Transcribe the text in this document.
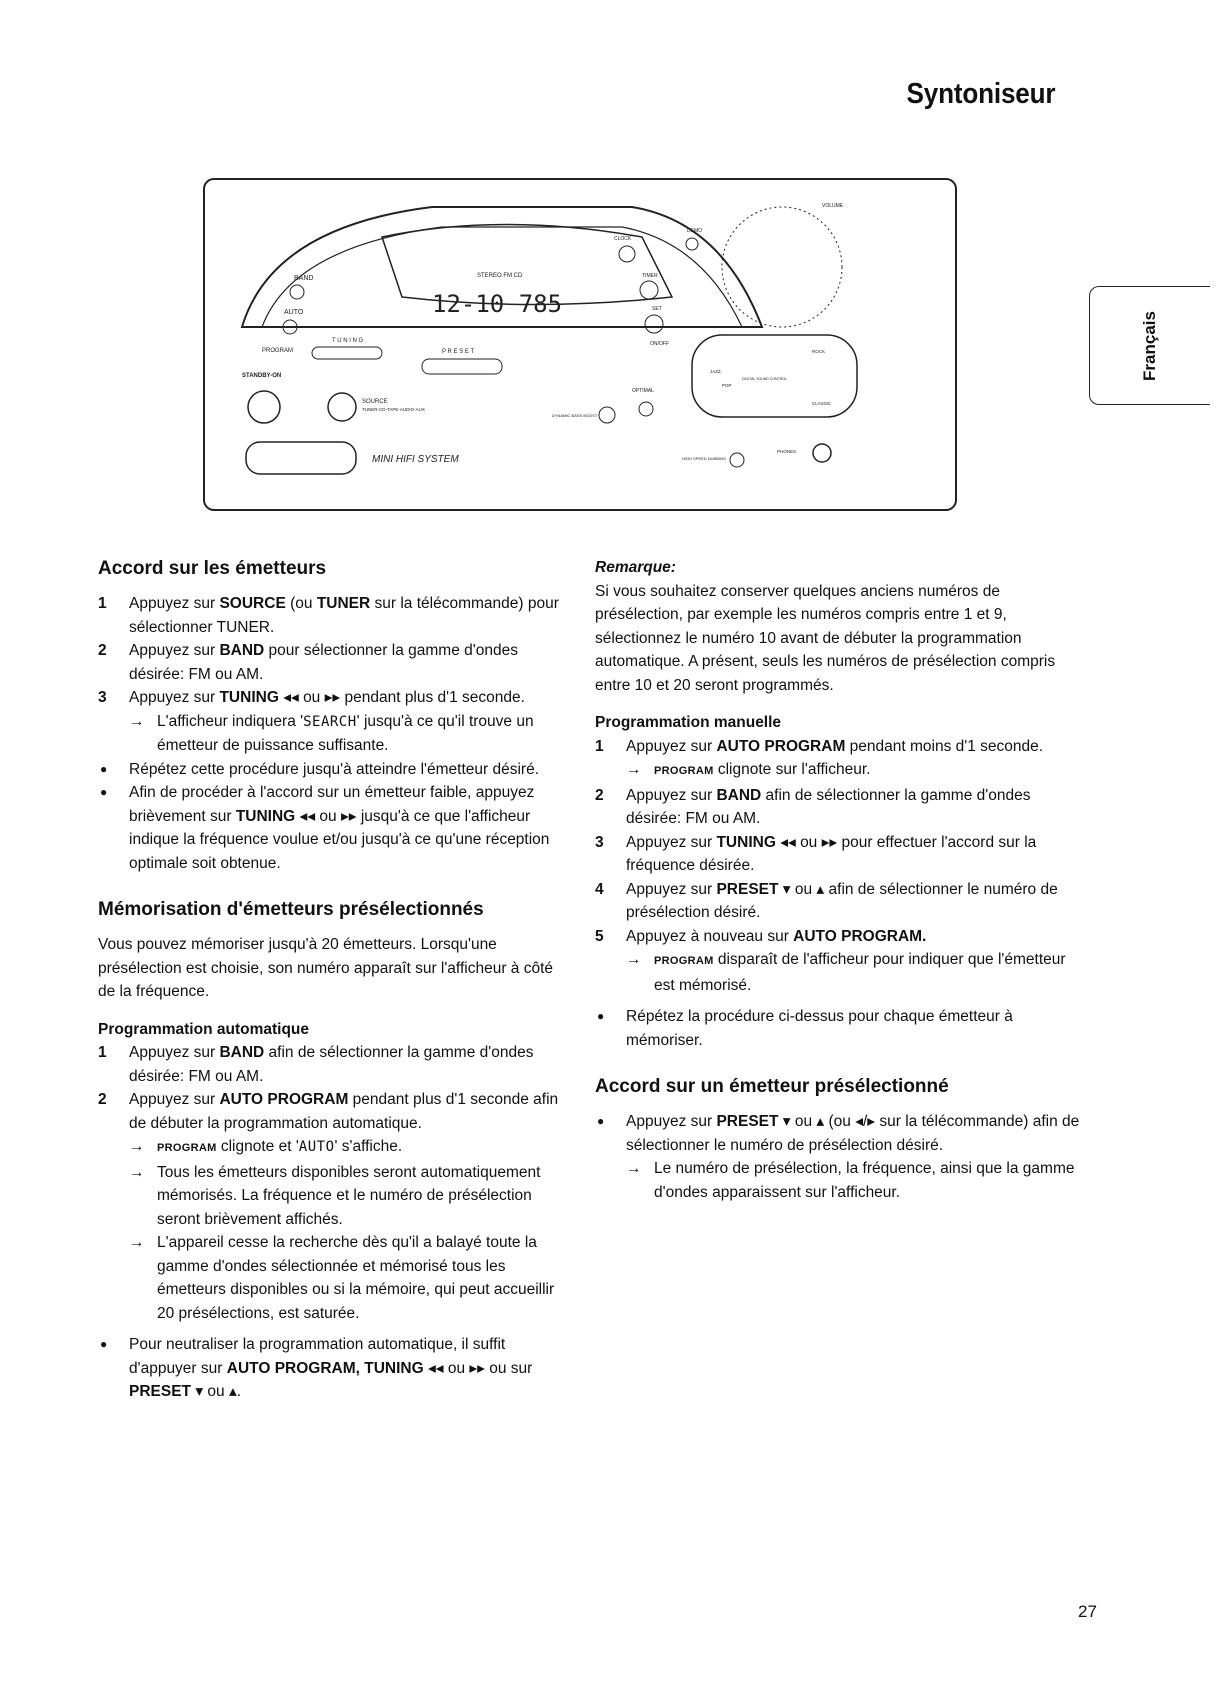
Syntoniseur
Français
12-10 785
STEREO FM CD
BAND
AUTO
PROGRAM
T U N I N G
P R E S E T
STANDBY-ON
SOURCE
TUNER-CD-TAPE-AUDIO-AUX
MINI HIFI SYSTEM
CLOCK
DEMO
TIMER
SET
ON/OFF
VOLUME
JAZZ
ROCK
POP
CLASSIC
DIGITAL SOUND CONTROL
OPTIMAL
DYNAMIC BASS BOOST
HIGH SPEED DUBBING
PHONES
Accord sur les émetteurs
1 Appuyez sur SOURCE (ou TUNER sur la télécommande) pour sélectionner TUNER.
2 Appuyez sur BAND pour sélectionner la gamme d'ondes désirée: FM ou AM.
3 Appuyez sur TUNING ◂◂ ou ▸▸ pendant plus d'1 seconde.
→ L'afficheur indiquera 'SEARCH' jusqu'à ce qu'il trouve un émetteur de puissance suffisante.
● Répétez cette procédure jusqu'à atteindre l'émetteur désiré.
● Afin de procéder à l'accord sur un émetteur faible, appuyez brièvement sur TUNING ◂◂ ou ▸▸ jusqu'à ce que l'afficheur indique la fréquence voulue et/ou jusqu'à ce qu'une réception optimale soit obtenue.
Mémorisation d'émetteurs présélectionnés

Vous pouvez mémoriser jusqu'à 20 émetteurs. Lorsqu'une présélection est choisie, son numéro apparaît sur l'afficheur à côté de la fréquence.

Programmation automatique
1 Appuyez sur BAND afin de sélectionner la gamme d'ondes désirée: FM ou AM.
2 Appuyez sur AUTO PROGRAM pendant plus d'1 seconde afin de débuter la programmation automatique.
→ PROGRAM clignote et 'AUTO' s'affiche.
→ Tous les émetteurs disponibles seront automatiquement mémorisés. La fréquence et le numéro de présélection seront brièvement affichés.
→ L'appareil cesse la recherche dès qu'il a balayé toute la gamme d'ondes sélectionnée et mémorisé tous les émetteurs disponibles ou si la mémoire, qui peut accueillir 20 présélections, est saturée.
● Pour neutraliser la programmation automatique, il suffit d'appuyer sur AUTO PROGRAM, TUNING ◂◂ ou ▸▸ ou sur PRESET ▾ ou ▴.
Remarque:

Si vous souhaitez conserver quelques anciens numéros de présélection, par exemple les numéros compris entre 1 et 9, sélectionnez le numéro 10 avant de débuter la programmation automatique. A présent, seuls les numéros de présélection compris entre 10 et 20 seront programmés.

Programmation manuelle
1 Appuyez sur AUTO PROGRAM pendant moins d'1 seconde.
→ PROGRAM clignote sur l'afficheur.
2 Appuyez sur BAND afin de sélectionner la gamme d'ondes désirée: FM ou AM.
3 Appuyez sur TUNING ◂◂ ou ▸▸ pour effectuer l'accord sur la fréquence désirée.
4 Appuyez sur PRESET ▾ ou ▴ afin de sélectionner le numéro de présélection désiré.
5 Appuyez à nouveau sur AUTO PROGRAM.
→ PROGRAM disparaît de l'afficheur pour indiquer que l'émetteur est mémorisé.
● Répétez la procédure ci-dessus pour chaque émetteur à mémoriser.
Accord sur un émetteur présélectionné
● Appuyez sur PRESET ▾ ou ▴ (ou ◂/▸ sur la télécommande) afin de sélectionner le numéro de présélection désiré.
→ Le numéro de présélection, la fréquence, ainsi que la gamme d'ondes apparaissent sur l'afficheur.
27
